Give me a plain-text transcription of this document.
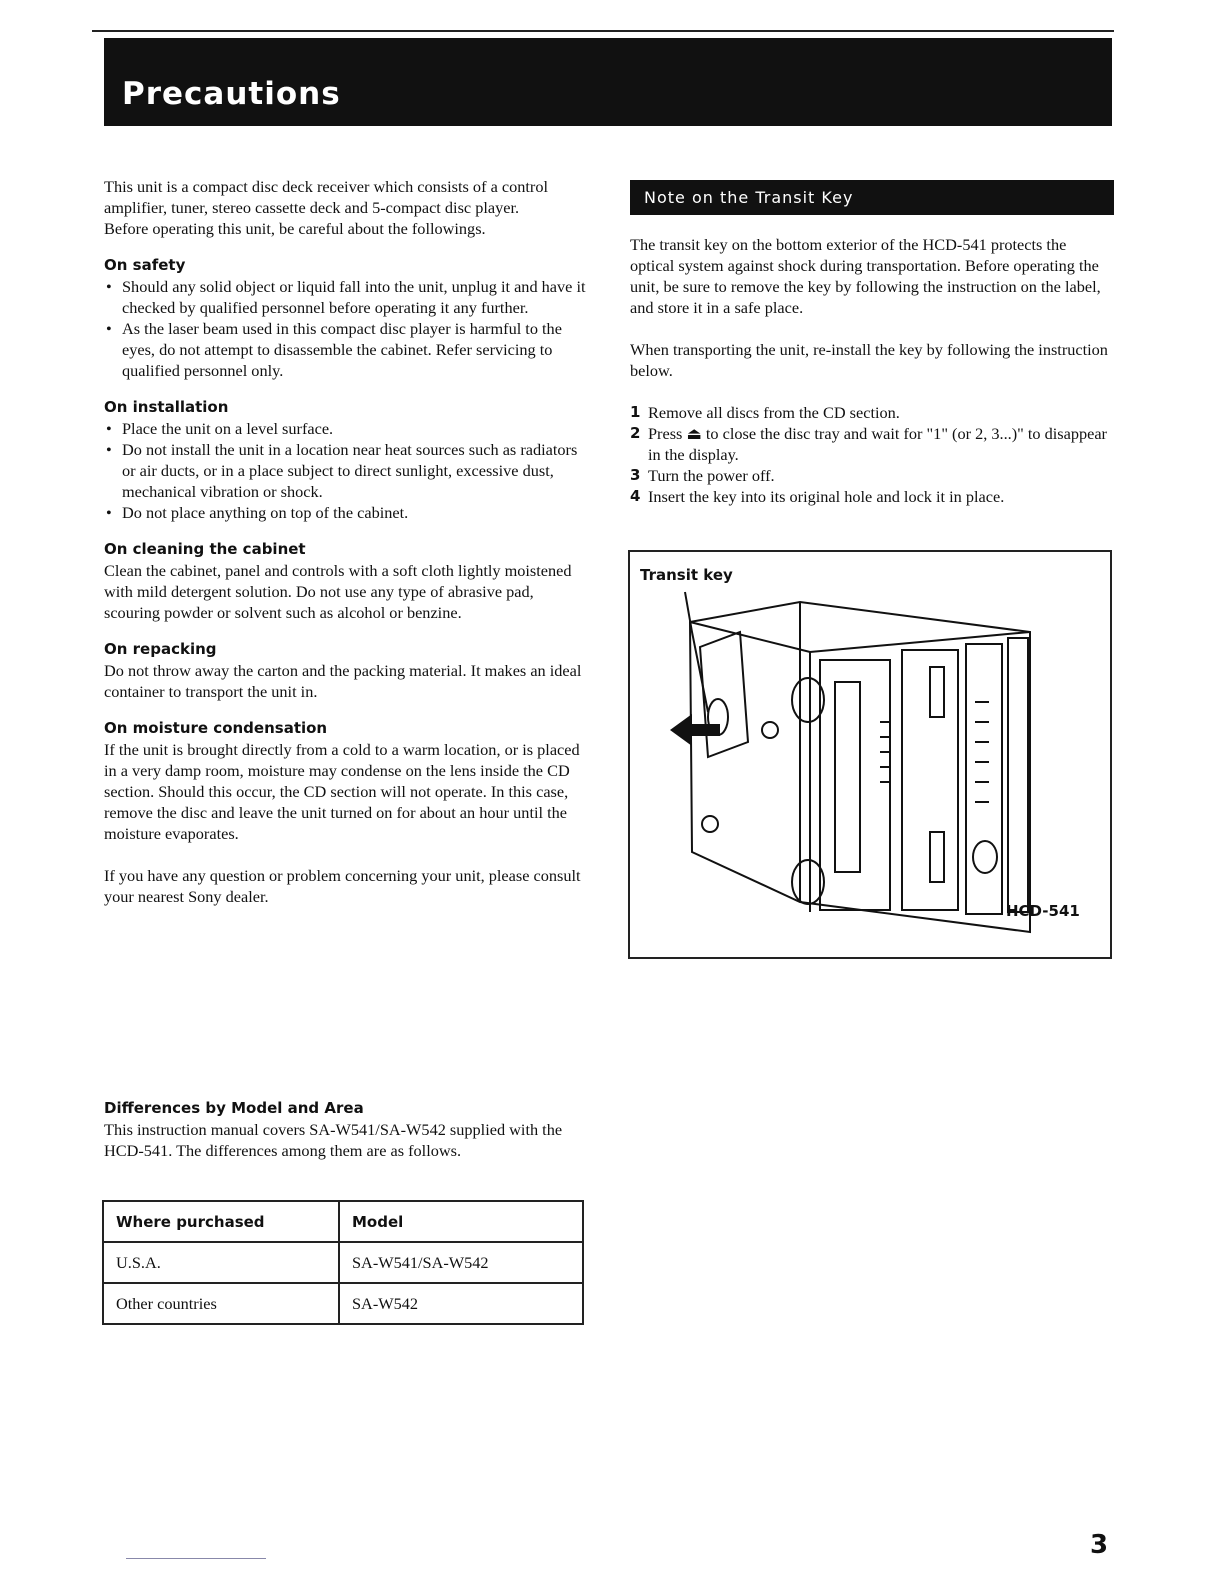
Precautions

This unit is a compact disc deck receiver which consists of a control amplifier, tuner, stereo cassette deck and 5-compact disc player.

Before operating this unit, be careful about the followings.

On safety
• Should any solid object or liquid fall into the unit, unplug it and have it checked by qualified personnel before operating it any further.
• As the laser beam used in this compact disc player is harmful to the eyes, do not attempt to disassemble the cabinet. Refer servicing to qualified personnel only.
On installation
• Place the unit on a level surface.
• Do not install the unit in a location near heat sources such as radiators or air ducts, or in a place subject to direct sunlight, excessive dust, mechanical vibration or shock.
• Do not place anything on top of the cabinet.
On cleaning the cabinet

Clean the cabinet, panel and controls with a soft cloth lightly moistened with mild detergent solution. Do not use any type of abrasive pad, scouring powder or solvent such as alcohol or benzine.

On repacking

Do not throw away the carton and the packing material. It makes an ideal container to transport the unit in.

On moisture condensation

If the unit is brought directly from a cold to a warm location, or is placed in a very damp room, moisture may condense on the lens inside the CD section. Should this occur, the CD section will not operate. In this case, remove the disc and leave the unit turned on for about an hour until the moisture evaporates.

If you have any question or problem concerning your unit, please consult your nearest Sony dealer.

Note on the Transit Key

The transit key on the bottom exterior of the HCD-541 protects the optical system against shock during transportation. Before operating the unit, be sure to remove the key by following the instruction on the label, and store it in a safe place.

When transporting the unit, re-install the key by following the instruction below.

1 Remove all discs from the CD section.
2 Press ⏏ to close the disc tray and wait for "1" (or 2, 3...)" to disappear in the display.
3 Turn the power off.
4 Insert the key into its original hole and lock it in place.
Transit key
HCD-541
Differences by Model and Area

This instruction manual covers SA-W541/SA-W542 supplied with the HCD-541. The differences among them are as follows.

Where purchased	Model
U.S.A.	SA-W541/SA-W542
Other countries	SA-W542
3
